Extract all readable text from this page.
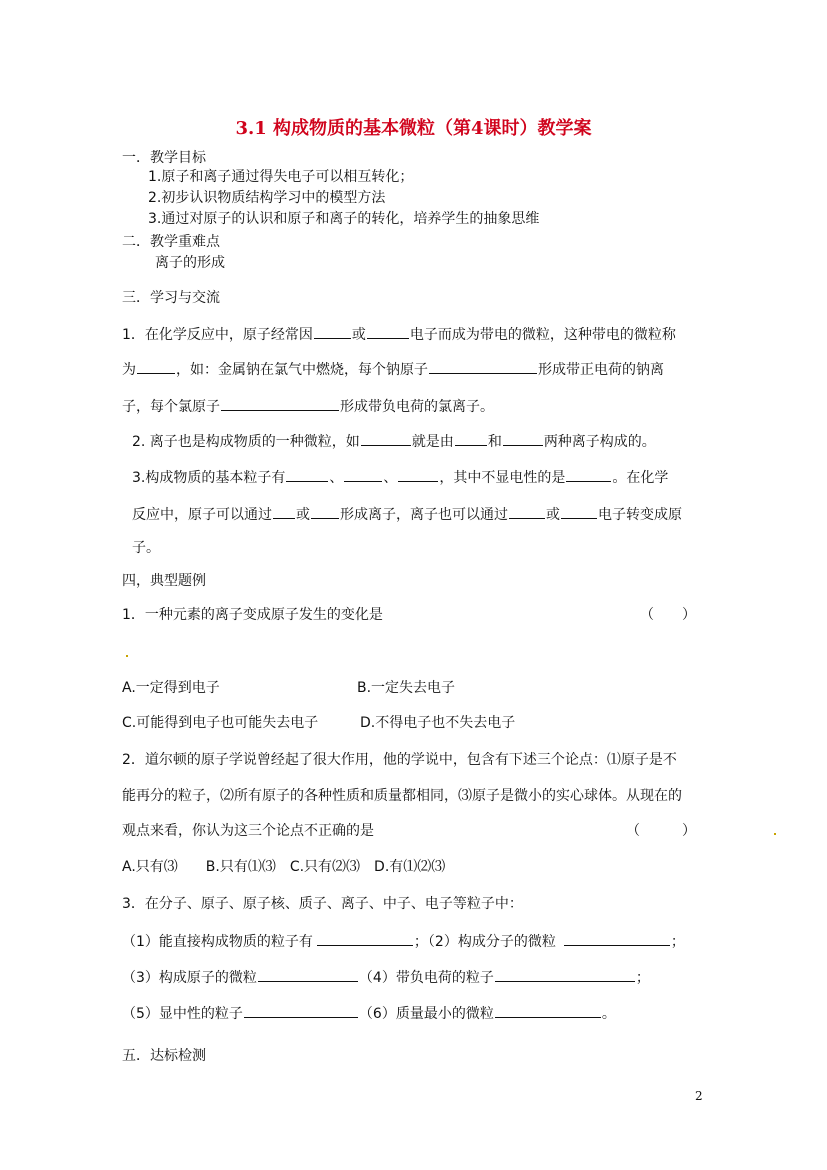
3.1 构成物质的基本微粒（第4课时）教学案
一．教学目标
1.原子和离子通过得失电子可以相互转化；
2.初步认识物质结构学习中的模型方法
3.通过对原子的认识和原子和离子的转化，培养学生的抽象思维
二．教学重难点
离子的形成
三．学习与交流
1．在化学反应中，原子经常因	或	电子而成为带电的微粒，这种带电的微粒称
为	，如：金属钠在氯气中燃烧，每个钠原子	形成带正电荷的钠离
子，每个氯原子	形成带负电荷的氯离子。
2. 离子也是构成物质的一种微粒，如	就是由 和	两种离子构成的。
3.构成物质的基本粒子有	、	、	，其中不显电性的是	。在化学
反应中，原子可以通过 或 形成离子，离子也可以通过	或	电子转变成原
子。
四，典型题例
1．一种元素的离子变成原子发生的变化是	（　　）
A.一定得到电子	B.一定失去电子
C.可能得到电子也可能失去电子	D.不得电子也不失去电子
2．道尔顿的原子学说曾经起了很大作用，他的学说中，包含有下述三个论点：⑴原子是不
能再分的粒子，⑵所有原子的各种性质和质量都相同，⑶原子是微小的实心球体。从现在的
观点来看，你认为这三个论点不正确的是	（　　　）
A.只有⑶　　B.只有⑴⑶　C.只有⑵⑶　D.有⑴⑵⑶
3．在分子、原子、原子核、质子、离子、中子、电子等粒子中：
（1）能直接构成物质的粒子有	；（2）构成分子的微粒	；
（3）构成原子的微粒	（4）带负电荷的粒子	；
（5）显中性的粒子	（6）质量最小的微粒	。
五．达标检测
2
